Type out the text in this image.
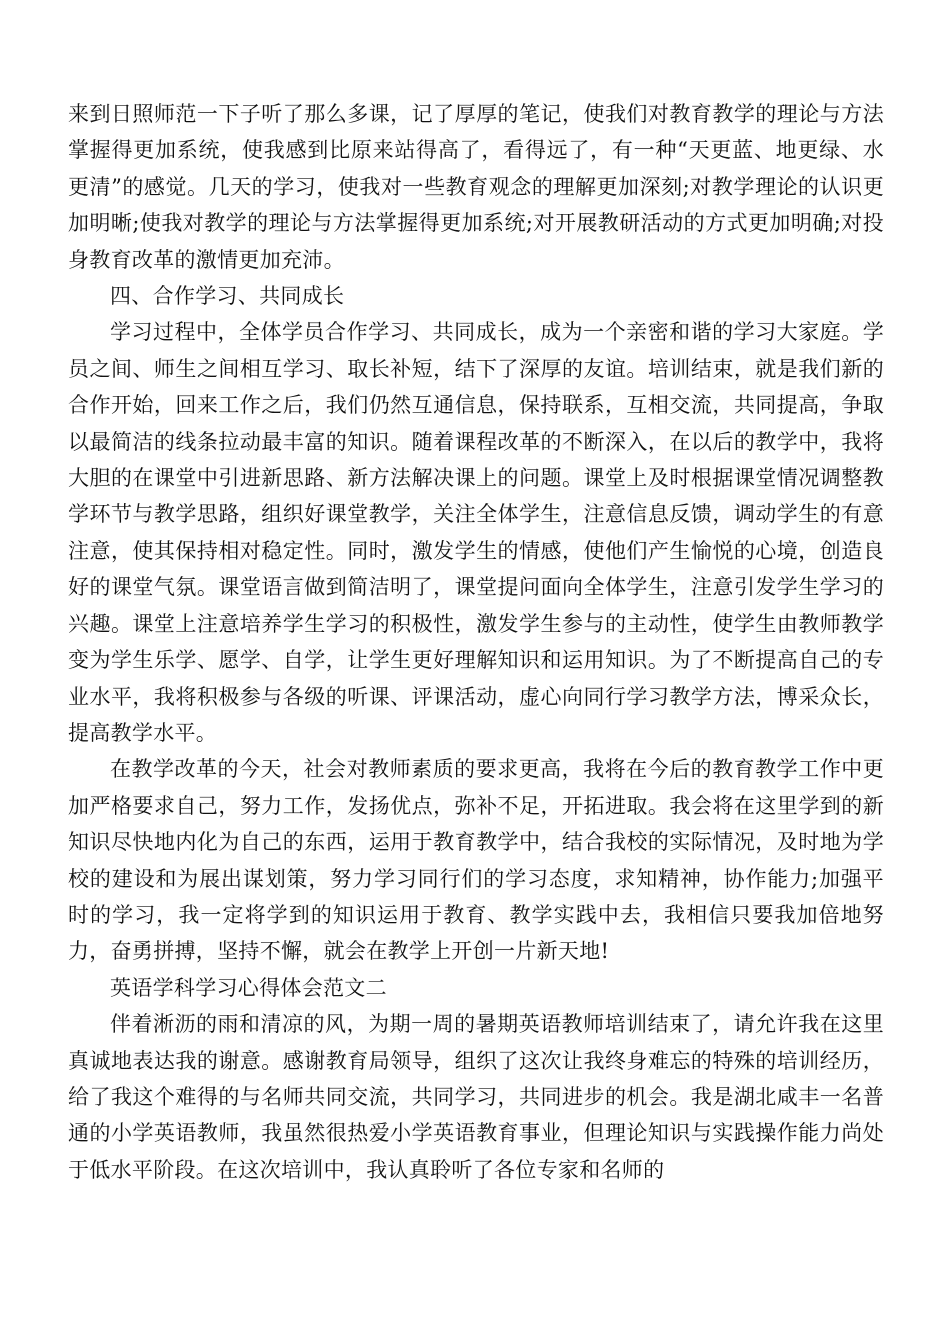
来到日照师范一下子听了那么多课，记了厚厚的笔记，使我们对教育教学的理论与方法掌握得更加系统，使我感到比原来站得高了，看得远了，有一种“天更蓝、地更绿、水更清”的感觉。几天的学习，使我对一些教育观念的理解更加深刻;对教学理论的认识更加明晰;使我对教学的理论与方法掌握得更加系统;对开展教研活动的方式更加明确;对投身教育改革的激情更加充沛。

四、合作学习、共同成长

学习过程中，全体学员合作学习、共同成长，成为一个亲密和谐的学习大家庭。学员之间、师生之间相互学习、取长补短，结下了深厚的友谊。培训结束，就是我们新的合作开始，回来工作之后，我们仍然互通信息，保持联系，互相交流，共同提高，争取以最简洁的线条拉动最丰富的知识。随着课程改革的不断深入，在以后的教学中，我将大胆的在课堂中引进新思路、新方法解决课上的问题。课堂上及时根据课堂情况调整教学环节与教学思路，组织好课堂教学，关注全体学生，注意信息反馈，调动学生的有意注意，使其保持相对稳定性。同时，激发学生的情感，使他们产生愉悦的心境，创造良好的课堂气氛。课堂语言做到简洁明了，课堂提问面向全体学生，注意引发学生学习的兴趣。课堂上注意培养学生学习的积极性，激发学生参与的主动性，使学生由教师教学变为学生乐学、愿学、自学，让学生更好理解知识和运用知识。为了不断提高自己的专业水平，我将积极参与各级的听课、评课活动，虚心向同行学习教学方法，博采众长，提高教学水平。

在教学改革的今天，社会对教师素质的要求更高，我将在今后的教育教学工作中更加严格要求自己，努力工作，发扬优点，弥补不足，开拓进取。我会将在这里学到的新知识尽快地内化为自己的东西，运用于教育教学中，结合我校的实际情况，及时地为学校的建设和为展出谋划策，努力学习同行们的学习态度，求知精神，协作能力;加强平时的学习，我一定将学到的知识运用于教育、教学实践中去，我相信只要我加倍地努力，奋勇拼搏，坚持不懈，就会在教学上开创一片新天地!

英语学科学习心得体会范文二

伴着淅沥的雨和清凉的风，为期一周的暑期英语教师培训结束了，请允许我在这里真诚地表达我的谢意。感谢教育局领导，组织了这次让我终身难忘的特殊的培训经历，给了我这个难得的与名师共同交流，共同学习，共同进步的机会。我是湖北咸丰一名普通的小学英语教师，我虽然很热爱小学英语教育事业，但理论知识与实践操作能力尚处于低水平阶段。在这次培训中，我认真聆听了各位专家和名师的
